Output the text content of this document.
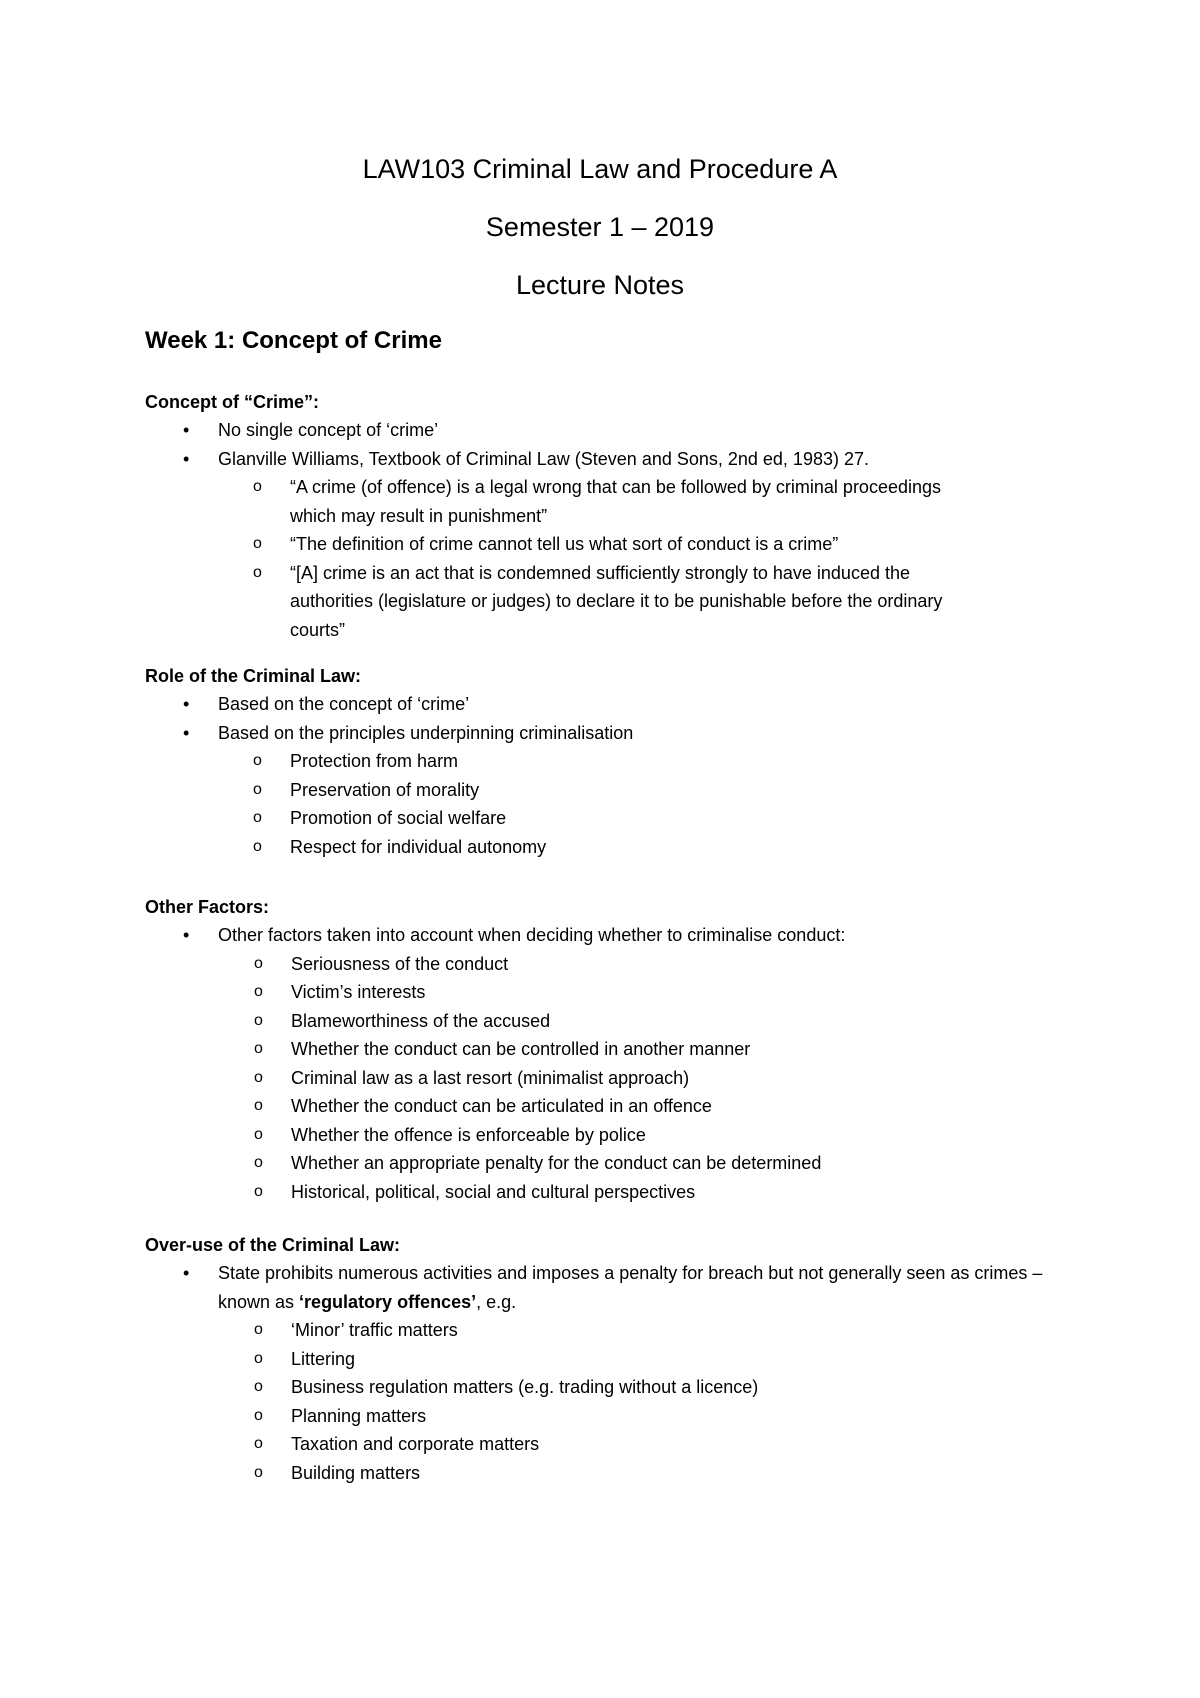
LAW103 Criminal Law and Procedure A
Semester 1 – 2019
Lecture Notes
Week 1: Concept of Crime

Concept of “Crime”:

• No single concept of ‘crime’
• Glanville Williams, Textbook of Criminal Law (Steven and Sons, 2nd ed, 1983) 27.
o “A crime (of offence) is a legal wrong that can be followed by criminal proceedings which may result in punishment”
o “The definition of crime cannot tell us what sort of conduct is a crime”
o “[A] crime is an act that is condemned sufficiently strongly to have induced the authorities (legislature or judges) to declare it to be punishable before the ordinary courts”

Role of the Criminal Law:

• Based on the concept of ‘crime’
• Based on the principles underpinning criminalisation
o Protection from harm
o Preservation of morality
o Promotion of social welfare
o Respect for individual autonomy

Other Factors:

• Other factors taken into account when deciding whether to criminalise conduct:
o Seriousness of the conduct
o Victim’s interests
o Blameworthiness of the accused
o Whether the conduct can be controlled in another manner
o Criminal law as a last resort (minimalist approach)
o Whether the conduct can be articulated in an offence
o Whether the offence is enforceable by police
o Whether an appropriate penalty for the conduct can be determined
o Historical, political, social and cultural perspectives

Over-use of the Criminal Law:

• State prohibits numerous activities and imposes a penalty for breach but not generally seen as crimes – known as ‘regulatory offences’, e.g.
o ‘Minor’ traffic matters
o Littering
o Business regulation matters (e.g. trading without a licence)
o Planning matters
o Taxation and corporate matters
o Building matters
